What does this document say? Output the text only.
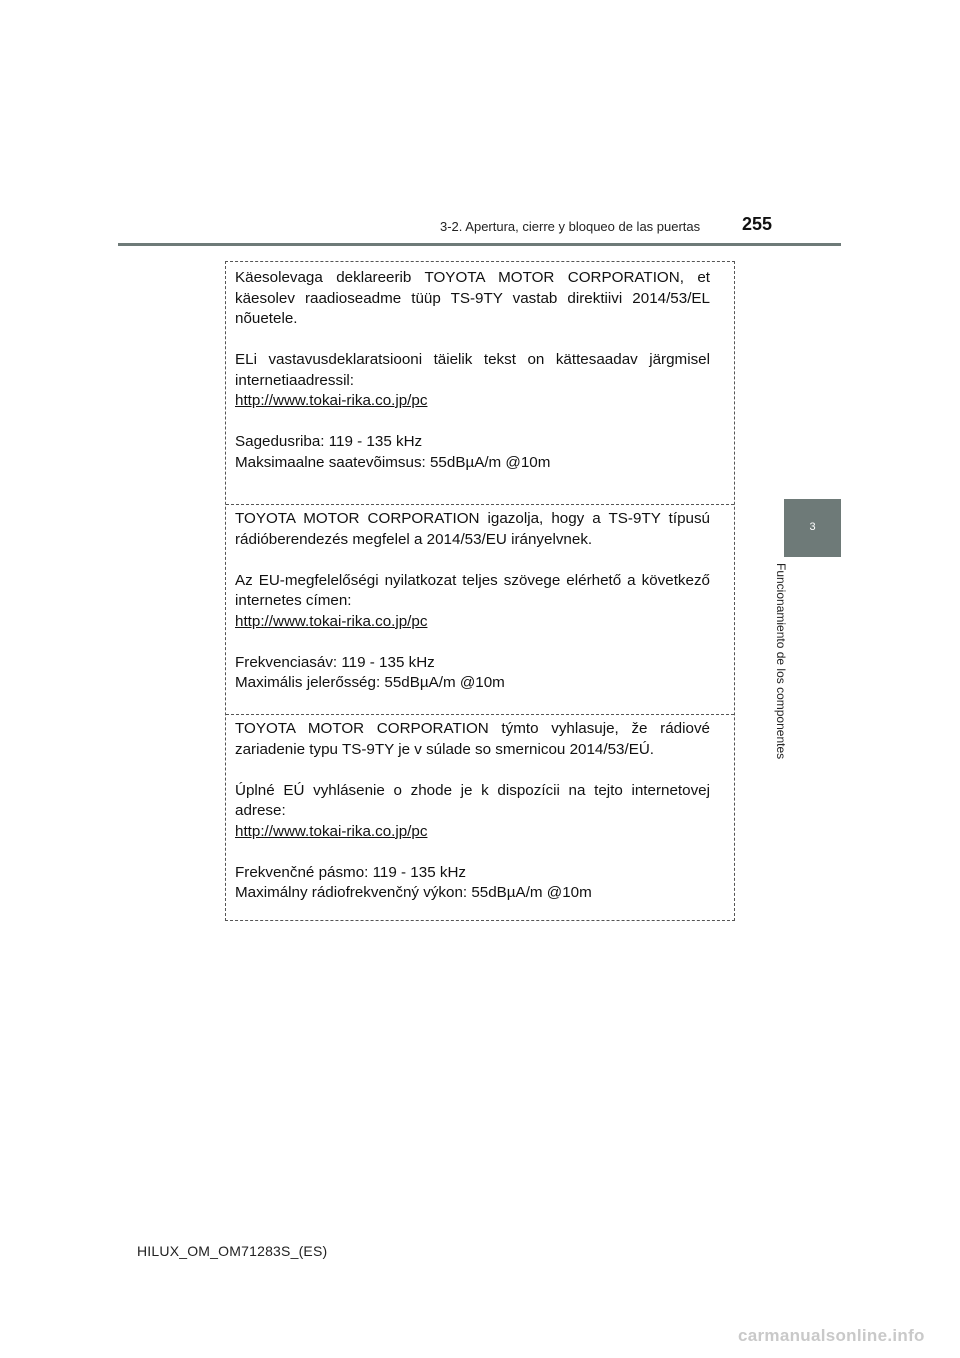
3-2. Apertura, cierre y bloqueo de las puertas 255
3
Funcionamiento de los componentes

Käesolevaga deklareerib TOYOTA MOTOR CORPORATION, et käesolev raadioseadme tüüp TS-9TY vastab direktiivi 2014/53/EL nõuetele.

ELi vastavusdeklaratsiooni täielik tekst on kättesaadav järgmisel internetiaadressil:

http://www.tokai-rika.co.jp/pc

Sagedusriba: 119 - 135 kHz

Maksimaalne saatevõimsus: 55dBµA/m @10m

TOYOTA MOTOR CORPORATION igazolja, hogy a TS-9TY típusú rádióberendezés megfelel a 2014/53/EU irányelvnek.

Az EU-megfelelőségi nyilatkozat teljes szövege elérhető a következő internetes címen:

http://www.tokai-rika.co.jp/pc

Frekvenciasáv: 119 - 135 kHz

Maximális jelerősség: 55dBµA/m @10m

TOYOTA MOTOR CORPORATION týmto vyhlasuje, že rádiové zariadenie typu TS-9TY je v súlade so smernicou 2014/53/EÚ.

Úplné EÚ vyhlásenie o zhode je k dispozícii na tejto internetovej adrese:

http://www.tokai-rika.co.jp/pc

Frekvenčné pásmo: 119 - 135 kHz

Maximálny rádiofrekvenčný výkon: 55dBµA/m @10m

HILUX_OM_OM71283S_(ES)
carmanualsonline.info
